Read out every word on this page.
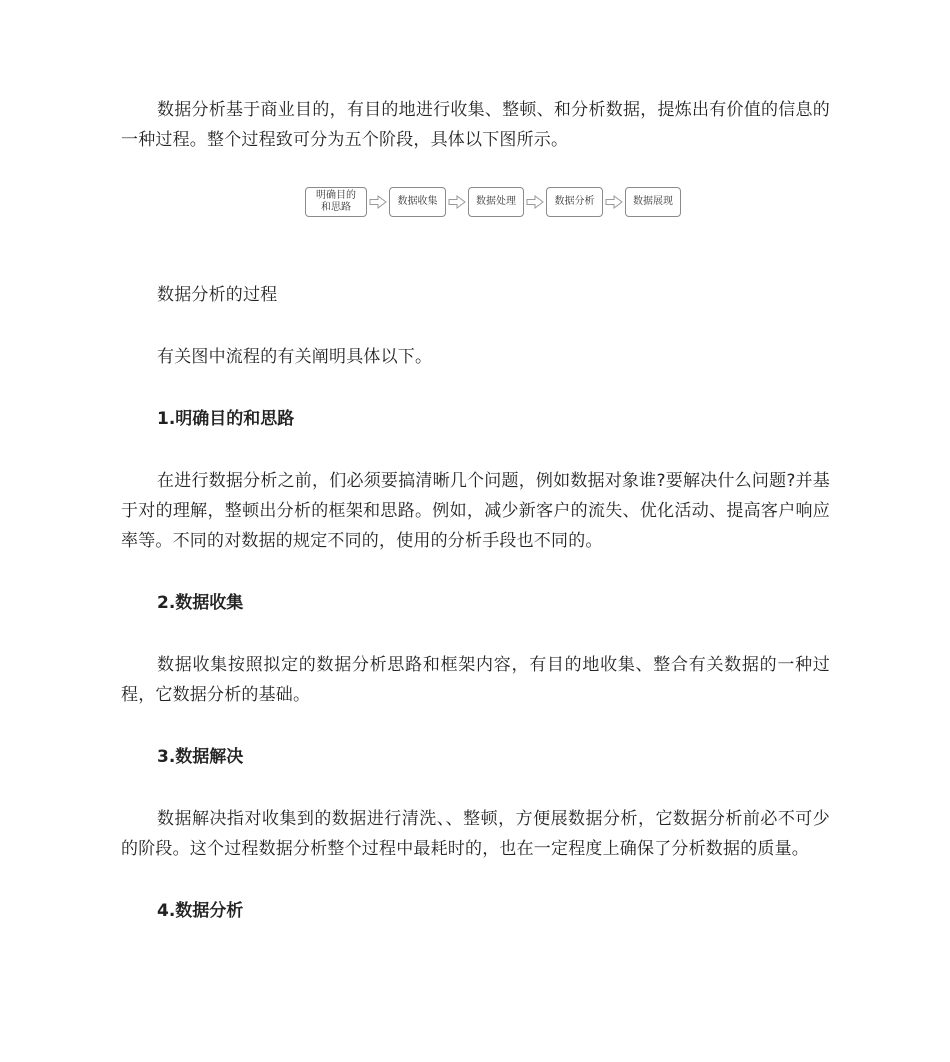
数据分析基于商业目的，有目的地进行收集、整顿、和分析数据，提炼出有价值的信息的一种过程。整个过程致可分为五个阶段，具体以下图所示。

明确目的
和思路
数据收集	数据处理	数据分析	数据展现

数据分析的过程

有关图中流程的有关阐明具体以下。

1.明确目的和思路

在进行数据分析之前，们必须要搞清晰几个问题，例如数据对象谁?要解决什么问题?并基于对的理解，整顿出分析的框架和思路。例如，减少新客户的流失、优化活动、提高客户响应率等。不同的对数据的规定不同的，使用的分析手段也不同的。

2.数据收集

数据收集按照拟定的数据分析思路和框架内容，有目的地收集、整合有关数据的一种过程，它数据分析的基础。

3.数据解决

数据解决指对收集到的数据进行清洗、、整顿，方便展数据分析，它数据分析前必不可少的阶段。这个过程数据分析整个过程中最耗时的，也在一定程度上确保了分析数据的质量。

4.数据分析
